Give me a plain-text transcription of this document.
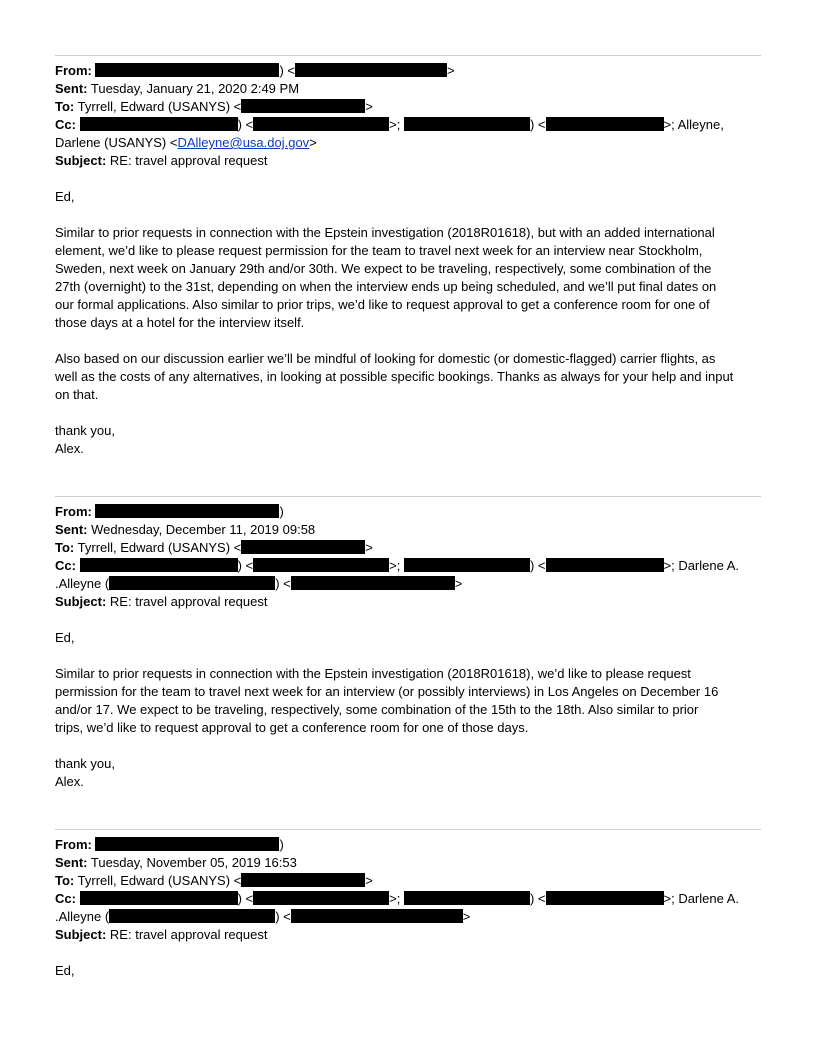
From:	) <	>
Sent: Tuesday, January 21, 2020 2:49 PM
To: Tyrrell, Edward (USANYS) <	>
Cc:	) <	>;	) <	>; Alleyne,
Darlene (USANYS) <DAlleyne@usa.doj.gov>
Subject: RE: travel approval request
Ed,
Similar to prior requests in connection with the Epstein investigation (2018R01618), but with an added international
element, we’d like to please request permission for the team to travel next week for an interview near Stockholm,
Sweden, next week on January 29th and/or 30th. We expect to be traveling, respectively, some combination of the
27th (overnight) to the 31st, depending on when the interview ends up being scheduled, and we’ll put final dates on
our formal applications. Also similar to prior trips, we’d like to request approval to get a conference room for one of
those days at a hotel for the interview itself.
Also based on our discussion earlier we’ll be mindful of looking for domestic (or domestic-flagged) carrier flights, as
well as the costs of any alternatives, in looking at possible specific bookings. Thanks as always for your help and input
on that.
thank you,
Alex.
From:	)
Sent: Wednesday, December 11, 2019 09:58
To: Tyrrell, Edward (USANYS) <	>
Cc:	) <	>;	) <	>; Darlene A.
.Alleyne (	) <	>
Subject: RE: travel approval request
Ed,
Similar to prior requests in connection with the Epstein investigation (2018R01618), we’d like to please request
permission for the team to travel next week for an interview (or possibly interviews) in Los Angeles on December 16
and/or 17. We expect to be traveling, respectively, some combination of the 15th to the 18th. Also similar to prior
trips, we’d like to request approval to get a conference room for one of those days.
thank you,
Alex.
From:	)
Sent: Tuesday, November 05, 2019 16:53
To: Tyrrell, Edward (USANYS) <	>
Cc:	) <	>;	) <	>; Darlene A.
.Alleyne (	) <	>
Subject: RE: travel approval request
Ed,
